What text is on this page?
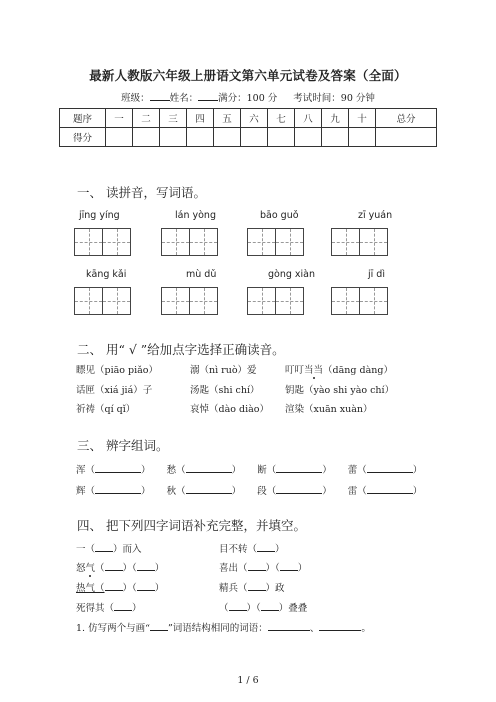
最新人教版六年级上册语文第六单元试卷及答案（全面）
班级： 姓名： 满分：100 分 考试时间：90 分钟
题序	一	二	三	四	五	六	七	八	九	十	总分
得分											
一、 读拼音，写词语。
jīng yíng	lán yòng	bāo guǒ	zī yuán
kāng kǎi	mù dǔ	gòng xiàn	jī dì
二、 用“ √ ”给加点字选择正确读音。
瞟见（piāo piǎo）	溺（nì ruò）爱	叮叮当当（dāng dàng）
话匣（xiá jiá）子	汤匙（shi chí）	钥匙（yào shi yào chí）
祈祷（qí qǐ）	哀悼（dào diào） 渲染（xuān xuàn）
三、 辨字组词。
浑（	） 愁（	） 断（	） 蕾（	）
辉（	） 秋（	） 段（	） 雷（	）
四、 把下列四字词语补充完整，并填空。
一（ ）而入	目不转（ ）
怒气（ ）（ ）	喜出（ ）（ ）
热气（ ）（ ）	精兵（ ）政
死得其（ ）	（ ）（ ）叠叠
1. 仿写两个与画“ ”词语结构相同的词语：	、	。
1 / 6
